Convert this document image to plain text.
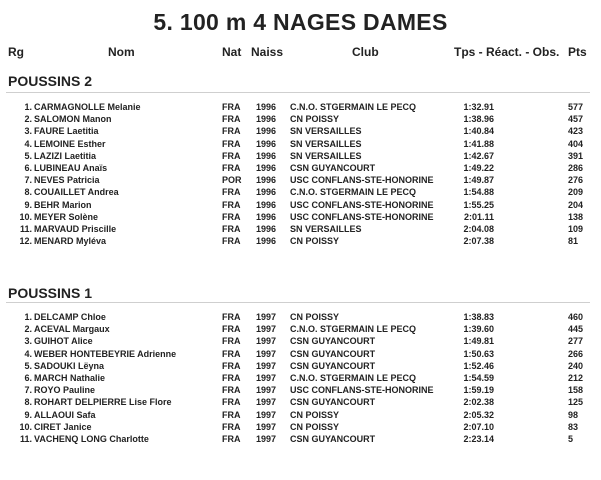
5. 100 m 4 NAGES DAMES
Rg	Nom	Nat Naiss	Club	Tps - Réact. - Obs. Pts
POUSSINS 2
POUSSINS 1
1. CARMAGNOLLE Melanie	FRA 1996 C.N.O. STGERMAIN LE PECQ	1:32.91	577
2. SALOMON Manon	FRA 1996 CN POISSY	1:38.96	457
3. FAURE Laetitia	FRA 1996 SN VERSAILLES	1:40.84	423
4. LEMOINE Esther	FRA 1996 SN VERSAILLES	1:41.88	404
5. LAZIZI Laetitia	FRA 1996 SN VERSAILLES	1:42.67	391
6. LUBINEAU Anaïs	FRA 1996 CSN GUYANCOURT	1:49.22	286
7. NEVES Patricia	POR 1996 USC CONFLANS-STE-HONORINE	1:49.87	276
8. COUAILLET Andrea	FRA 1996 C.N.O. STGERMAIN LE PECQ	1:54.88	209
9. BEHR Marion	FRA 1996 USC CONFLANS-STE-HONORINE	1:55.25	204
10. MEYER Solène	FRA 1996 USC CONFLANS-STE-HONORINE	2:01.11	138
11. MARVAUD Priscille	FRA 1996 SN VERSAILLES	2:04.08	109
12. MENARD Myléva	FRA 1996 CN POISSY	2:07.38	81
1. DELCAMP Chloe	FRA 1997 CN POISSY	1:38.83	460
2. ACEVAL Margaux	FRA 1997 C.N.O. STGERMAIN LE PECQ	1:39.60	445
3. GUIHOT Alice	FRA 1997 CSN GUYANCOURT	1:49.81	277
4. WEBER HONTEBEYRIE Adrienne	FRA 1997 CSN GUYANCOURT	1:50.63	266
5. SADOUKI Lëyna	FRA 1997 CSN GUYANCOURT	1:52.46	240
6. MARCH Nathalie	FRA 1997 C.N.O. STGERMAIN LE PECQ	1:54.59	212
7. ROYO Pauline	FRA 1997 USC CONFLANS-STE-HONORINE	1:59.19	158
8. ROHART DELPIERRE Lise Flore	FRA 1997 CSN GUYANCOURT	2:02.38	125
9. ALLAOUI Safa	FRA 1997 CN POISSY	2:05.32	98
10. CIRET Janice	FRA 1997 CN POISSY	2:07.10	83
11. VACHENQ LONG Charlotte	FRA 1997 CSN GUYANCOURT	2:23.14	5
